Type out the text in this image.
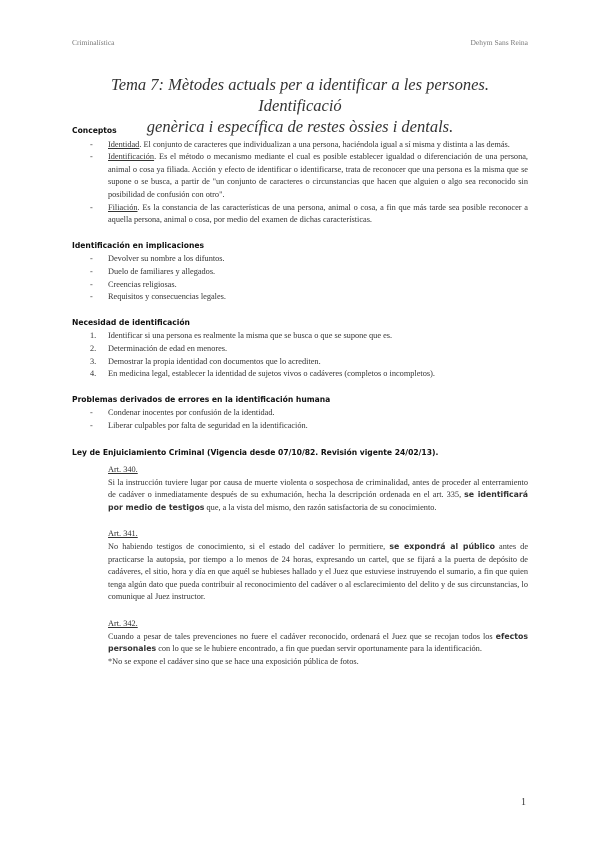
Criminalística	Dehym Sans Reina
Tema 7: Mètodes actuals per a identificar a les persones. Identificació
genèrica i específica de restes òssies i dentals.
Conceptos
- Identidad. El conjunto de caracteres que individualizan a una persona, haciéndola igual a sí misma y distinta a las demás.
- Identificación. Es el método o mecanismo mediante el cual es posible establecer igualdad o diferenciación de una persona, animal o cosa ya filiada. Acción y efecto de identificar o identificarse, trata de reconocer que una persona es la misma que se supone o se busca, a partir de "un conjunto de caracteres o circunstancias que hacen que alguien o algo sea reconocido sin posibilidad de confusión con otro".
- Filiación. Es la constancia de las características de una persona, animal o cosa, a fin que más tarde sea posible reconocer a aquella persona, animal o cosa, por medio del examen de dichas características.
Identificación en implicaciones
- Devolver su nombre a los difuntos.
- Duelo de familiares y allegados.
- Creencias religiosas.
- Requisitos y consecuencias legales.
Necesidad de identificación
1. Identificar si una persona es realmente la misma que se busca o que se supone que es.
2. Determinación de edad en menores.
3. Demostrar la propia identidad con documentos que lo acrediten.
4. En medicina legal, establecer la identidad de sujetos vivos o cadáveres (completos o incompletos).
Problemas derivados de errores en la identificación humana
- Condenar inocentes por confusión de la identidad.
- Liberar culpables por falta de seguridad en la identificación.
Ley de Enjuiciamiento Criminal (Vigencia desde 07/10/82. Revisión vigente 24/02/13).
Art. 340.
Si la instrucción tuviere lugar por causa de muerte violenta o sospechosa de criminalidad, antes de proceder al enterramiento de cadáver o inmediatamente después de su exhumación, hecha la descripción ordenada en el art. 335, se identificará por medio de testigos que, a la vista del mismo, den razón satisfactoria de su conocimiento.
Art. 341.
No habiendo testigos de conocimiento, si el estado del cadáver lo permitiere, se expondrá al público antes de practicarse la autopsia, por tiempo a lo menos de 24 horas, expresando un cartel, que se fijará a la puerta de depósito de cadáveres, el sitio, hora y día en que aquél se hubieses hallado y el Juez que estuviese instruyendo el sumario, a fin que quien tenga algún dato que pueda contribuir al reconocimiento del cadáver o al esclarecimiento del delito y de sus circunstancias, lo comunique al Juez instructor.
Art. 342.
Cuando a pesar de tales prevenciones no fuere el cadáver reconocido, ordenará el Juez que se recojan todos los efectos personales con lo que se le hubiere encontrado, a fin que puedan servir oportunamente para la identificación.
*No se expone el cadáver sino que se hace una exposición pública de fotos.
1
